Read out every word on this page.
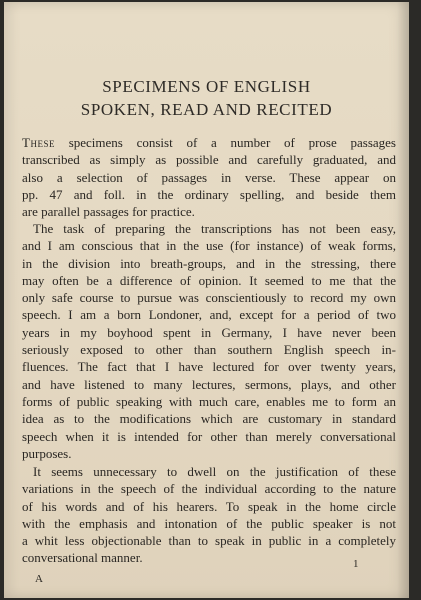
SPECIMENS OF ENGLISH
SPOKEN, READ AND RECITED
These specimens consist of a number of prose passages
transcribed as simply as possible and carefully graduated, and
also a selection of passages in verse. These appear on
pp. 47 and foll. in the ordinary spelling, and beside them
are parallel passages for practice.
The task of preparing the transcriptions has not been easy,
and I am conscious that in the use (for instance) of weak forms,
in the division into breath-groups, and in the stressing, there
may often be a difference of opinion. It seemed to me that the
only safe course to pursue was conscientiously to record my own
speech. I am a born Londoner, and, except for a period of two
years in my boyhood spent in Germany, I have never been
seriously exposed to other than southern English speech in-
fluences. The fact that I have lectured for over twenty years,
and have listened to many lectures, sermons, plays, and other
forms of public speaking with much care, enables me to form an
idea as to the modifications which are customary in standard
speech when it is intended for other than merely conversational
purposes.
It seems unnecessary to dwell on the justification of these
variations in the speech of the individual according to the nature
of his words and of his hearers. To speak in the home circle
with the emphasis and intonation of the public speaker is not
a whit less objectionable than to speak in public in a completely
conversational manner.	1
A
